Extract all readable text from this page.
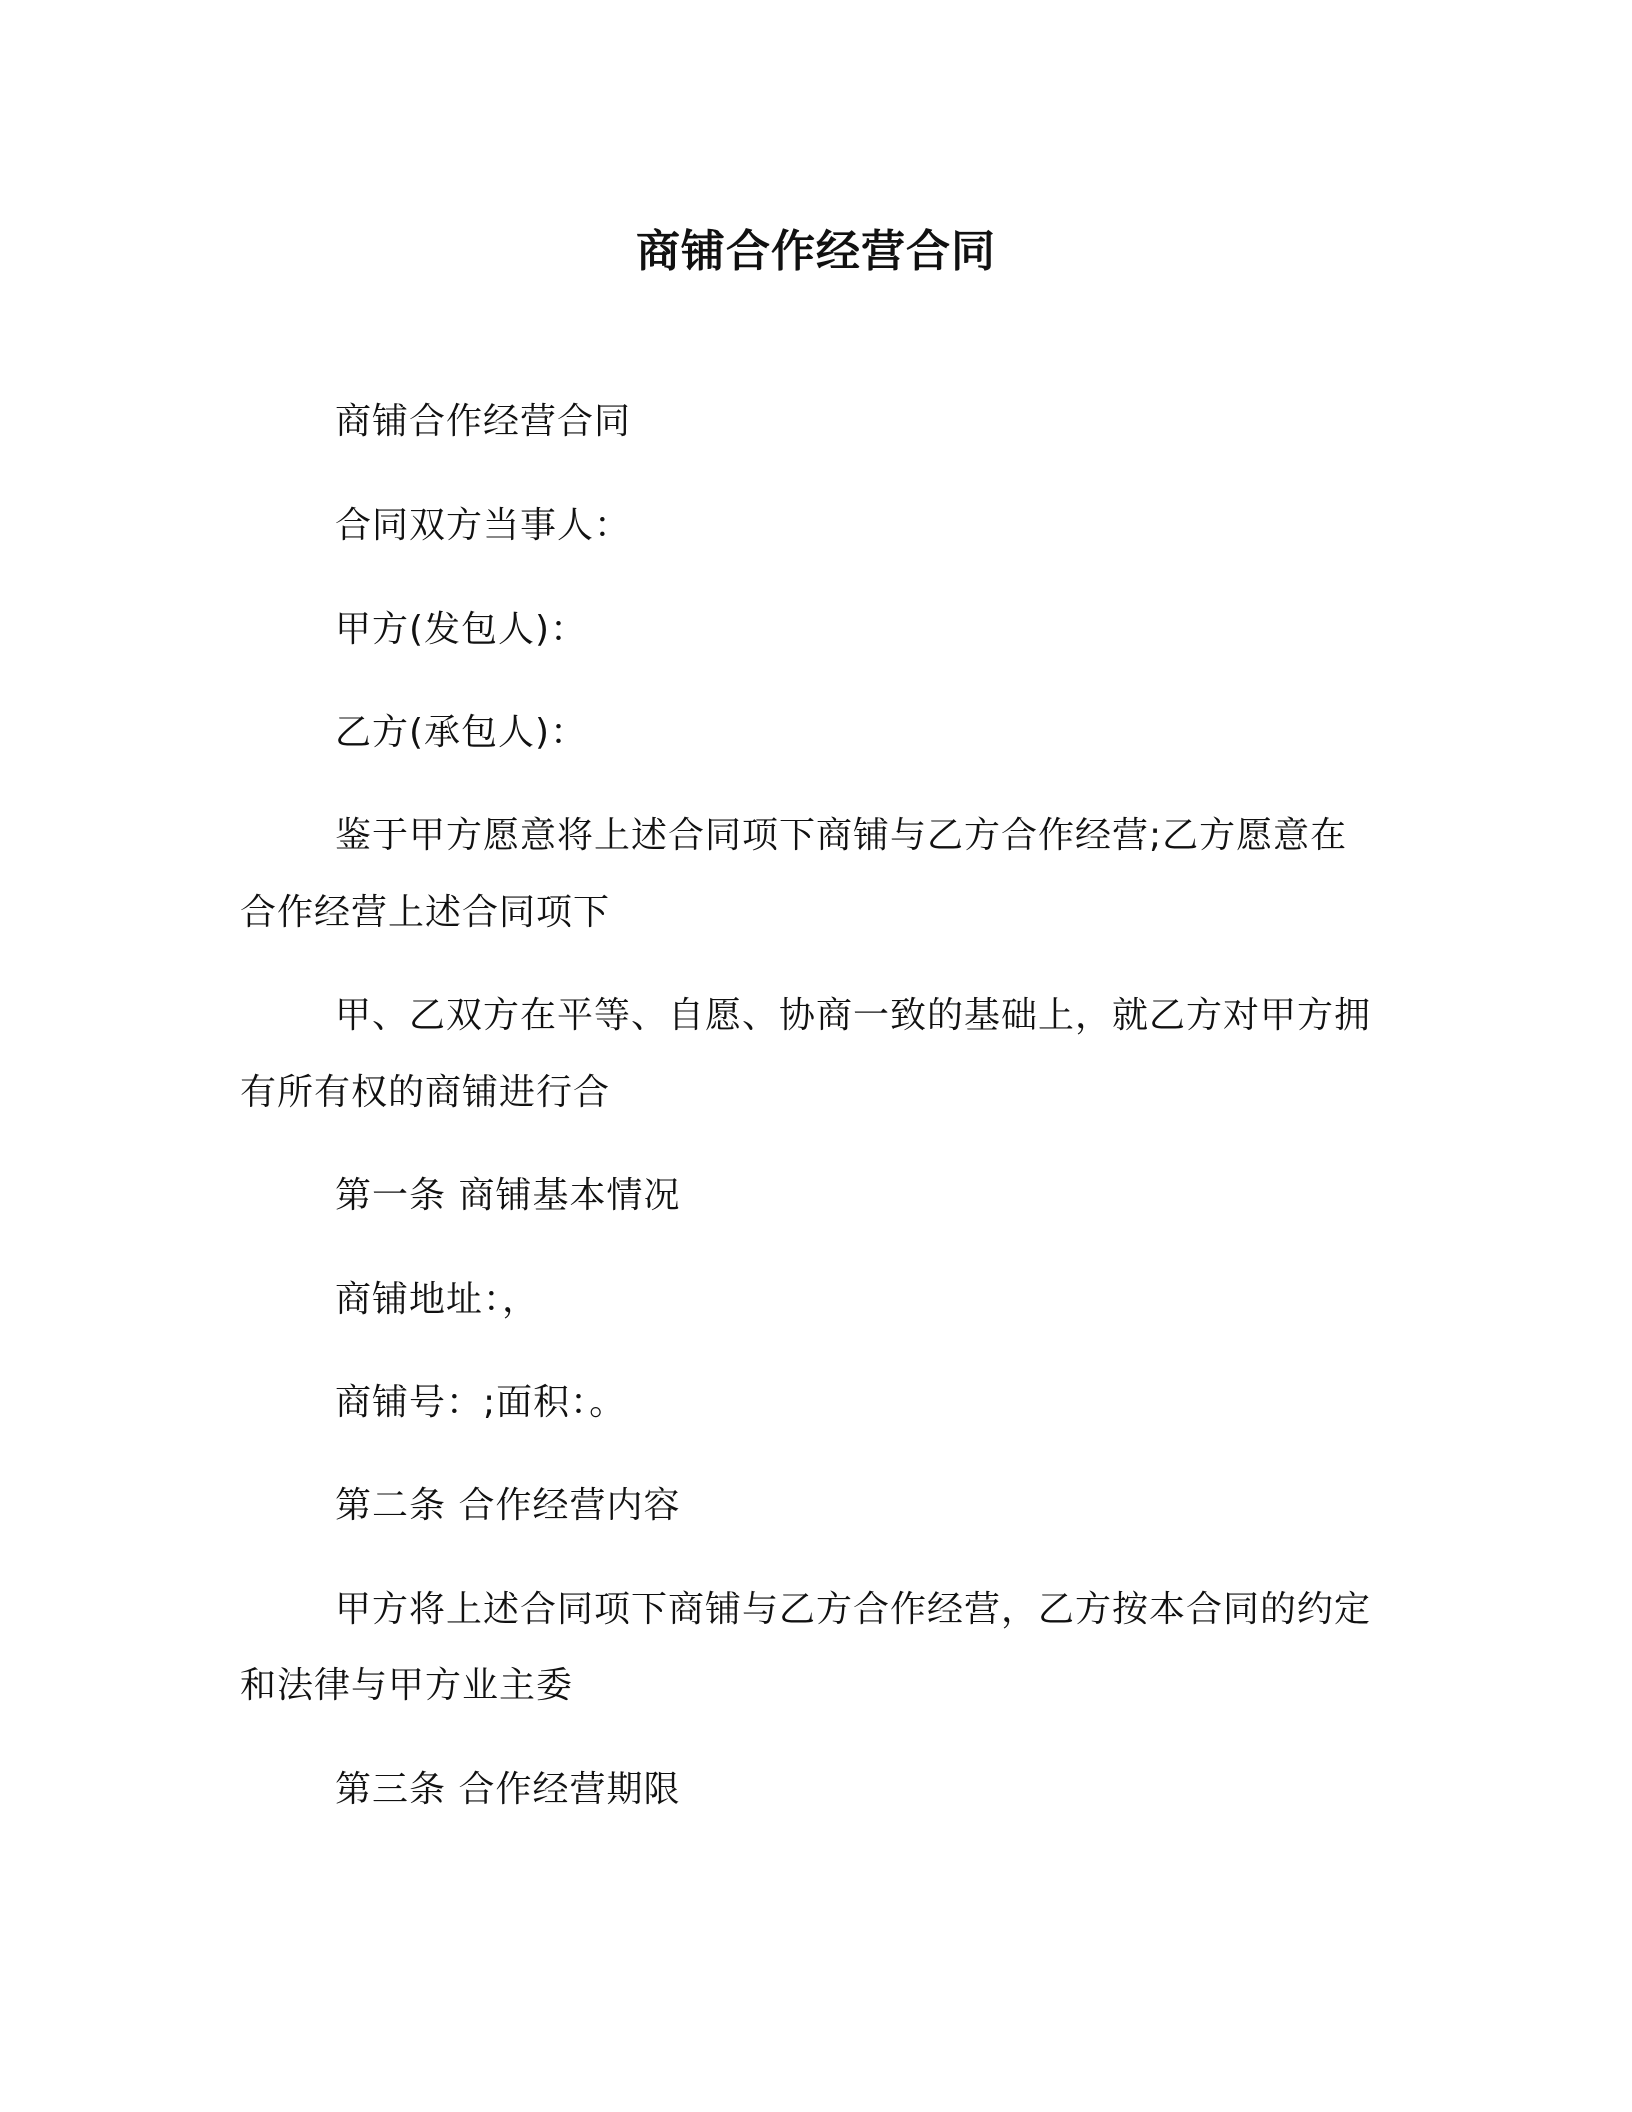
商铺合作经营合同

商铺合作经营合同

合同双方当事人：

甲方(发包人)：

乙方(承包人)：

鉴于甲方愿意将上述合同项下商铺与乙方合作经营;乙方愿意在

合作经营上述合同项下

甲、乙双方在平等、自愿、协商一致的基础上，就乙方对甲方拥

有所有权的商铺进行合

第一条 商铺基本情况

商铺地址：，

商铺号：;面积：。

第二条 合作经营内容

甲方将上述合同项下商铺与乙方合作经营，乙方按本合同的约定

和法律与甲方业主委

第三条 合作经营期限
